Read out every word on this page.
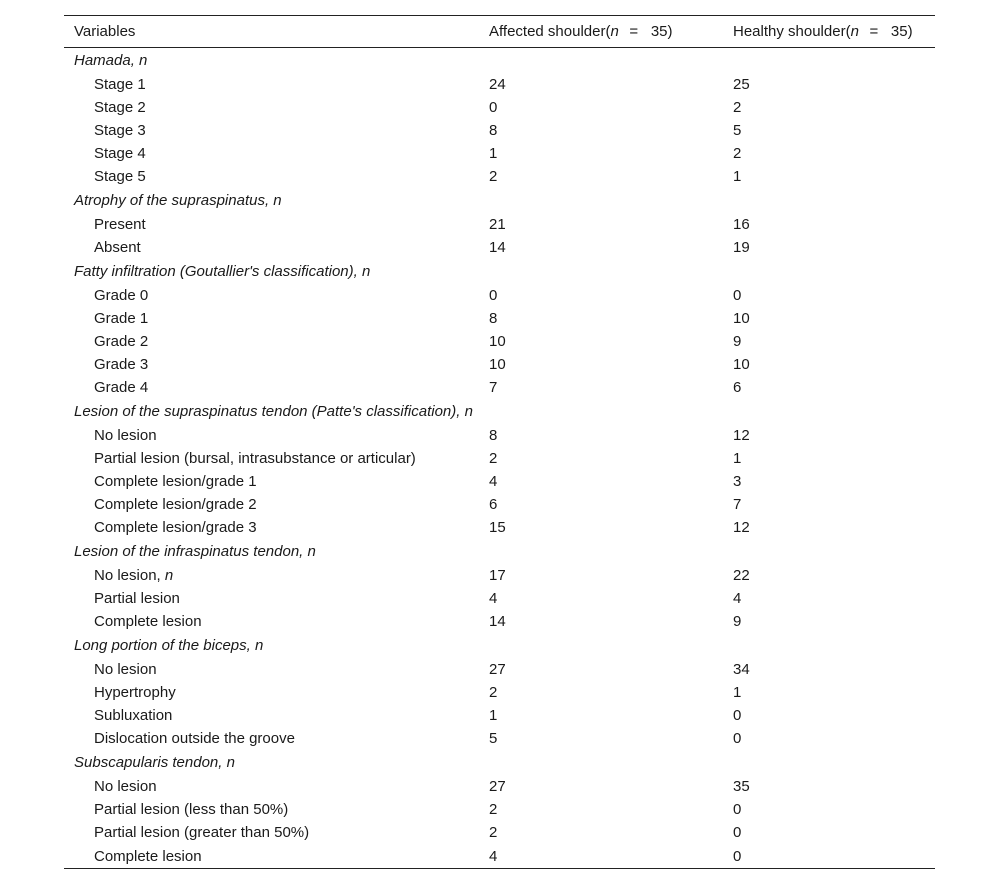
Variables	Affected shoulder(n = 35)	Healthy shoulder(n = 35)
Hamada, n		
Stage 1	24	25
Stage 2	0	2
Stage 3	8	5
Stage 4	1	2
Stage 5	2	1
Atrophy of the supraspinatus, n		
Present	21	16
Absent	14	19
Fatty infiltration (Goutallier's classification), n		
Grade 0	0	0
Grade 1	8	10
Grade 2	10	9
Grade 3	10	10
Grade 4	7	6
Lesion of the supraspinatus tendon (Patte's classification), n		
No lesion	8	12
Partial lesion (bursal, intrasubstance or articular)	2	1
Complete lesion/grade 1	4	3
Complete lesion/grade 2	6	7
Complete lesion/grade 3	15	12
Lesion of the infraspinatus tendon, n		
No lesion, n	17	22
Partial lesion	4	4
Complete lesion	14	9
Long portion of the biceps, n		
No lesion	27	34
Hypertrophy	2	1
Subluxation	1	0
Dislocation outside the groove	5	0
Subscapularis tendon, n		
No lesion	27	35
Partial lesion (less than 50%)	2	0
Partial lesion (greater than 50%)	2	0
Complete lesion	4	0
